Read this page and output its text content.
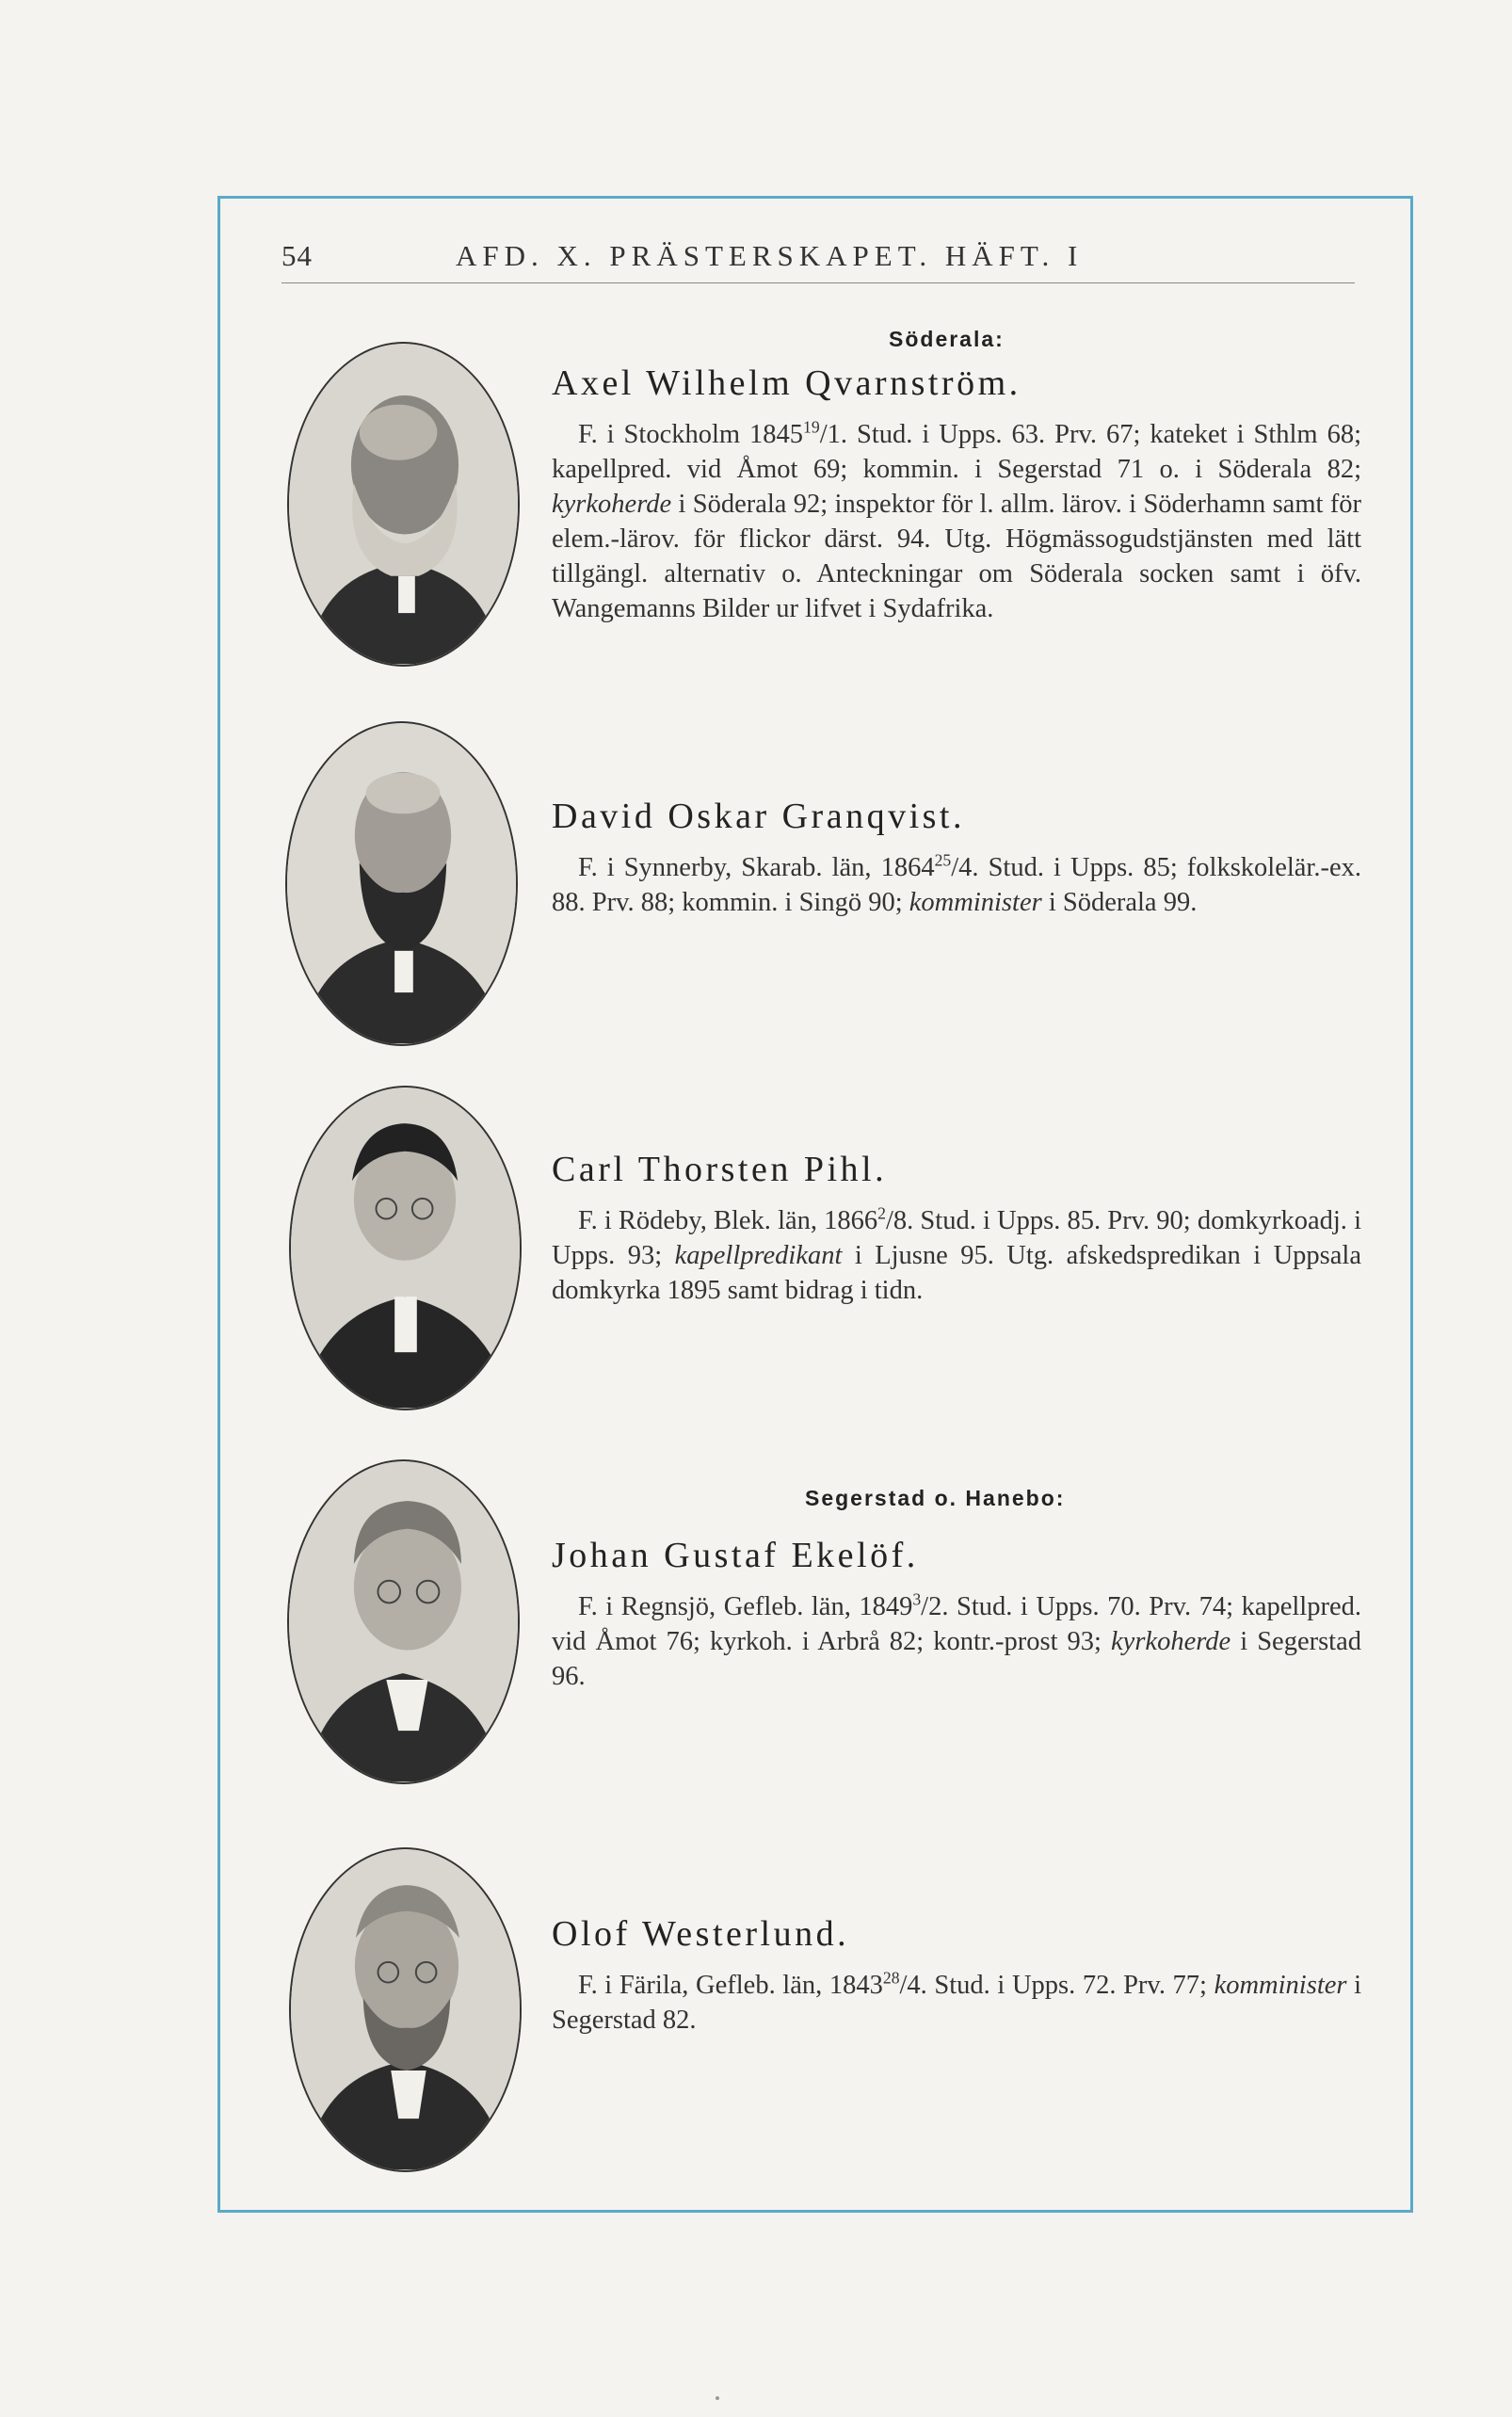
54	AFD. X. PRÄSTERSKAPET. HÄFT. I
Söderala:
Segerstad o. Hanebo:
Axel Wilhelm Qvarnström.

F. i Stockholm 1845$^{19}$/1. Stud. i Upps. 63. Prv. 67; kateket i Sthlm 68; kapellpred. vid Åmot 69; kommin. i Segerstad 71 o. i Söderala 82; kyrkoherde i Söderala 92; inspektor för l. allm. lärov. i Söderhamn samt för elem.-lärov. för flickor därst. 94. Utg. Högmässogudstjänsten med lätt tillgängl. alternativ o. Anteckningar om Söderala socken samt i öfv. Wangemanns Bilder ur lifvet i Sydafrika.

David Oskar Granqvist.

F. i Synnerby, Skarab. län, 1864$^{25}$/4. Stud. i Upps. 85; folkskolelär.-ex. 88. Prv. 88; kommin. i Singö 90; komminister i Söderala 99.

Carl Thorsten Pihl.

F. i Rödeby, Blek. län, 1866$^2$/8. Stud. i Upps. 85. Prv. 90; domkyrkoadj. i Upps. 93; kapellpredikant i Ljusne 95. Utg. afskedspredikan i Uppsala domkyrka 1895 samt bidrag i tidn.

Johan Gustaf Ekelöf.

F. i Regnsjö, Gefleb. län, 1849$^3$/2. Stud. i Upps. 70. Prv. 74; kapellpred. vid Åmot 76; kyrkoh. i Arbrå 82; kontr.-prost 93; kyrkoherde i Segerstad 96.

Olof Westerlund.

F. i Färila, Gefleb. län, 1843$^{28}$/4. Stud. i Upps. 72. Prv. 77; komminister i Segerstad 82.
